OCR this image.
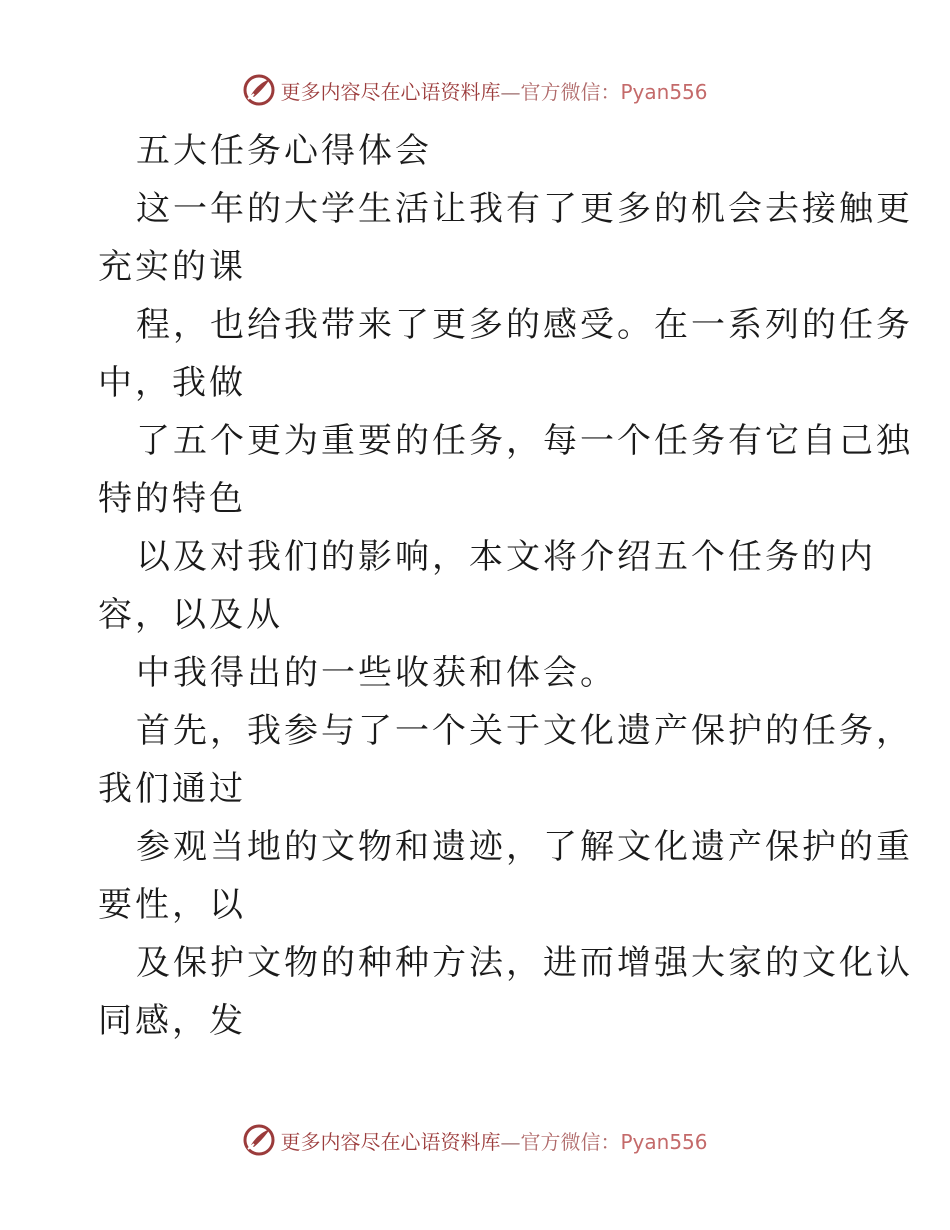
更多内容尽在心语资料库—官方微信：Pyan556
五大任务心得体会
这一年的大学生活让我有了更多的机会去接触更
充实的课
程，也给我带来了更多的感受。在一系列的任务
中，我做
了五个更为重要的任务，每一个任务有它自己独
特的特色
以及对我们的影响，本文将介绍五个任务的内
容，以及从
中我得出的一些收获和体会。
首先，我参与了一个关于文化遗产保护的任务，
我们通过
参观当地的文物和遗迹，了解文化遗产保护的重
要性，以
及保护文物的种种方法，进而增强大家的文化认
同感，发
更多内容尽在心语资料库—官方微信：Pyan556
